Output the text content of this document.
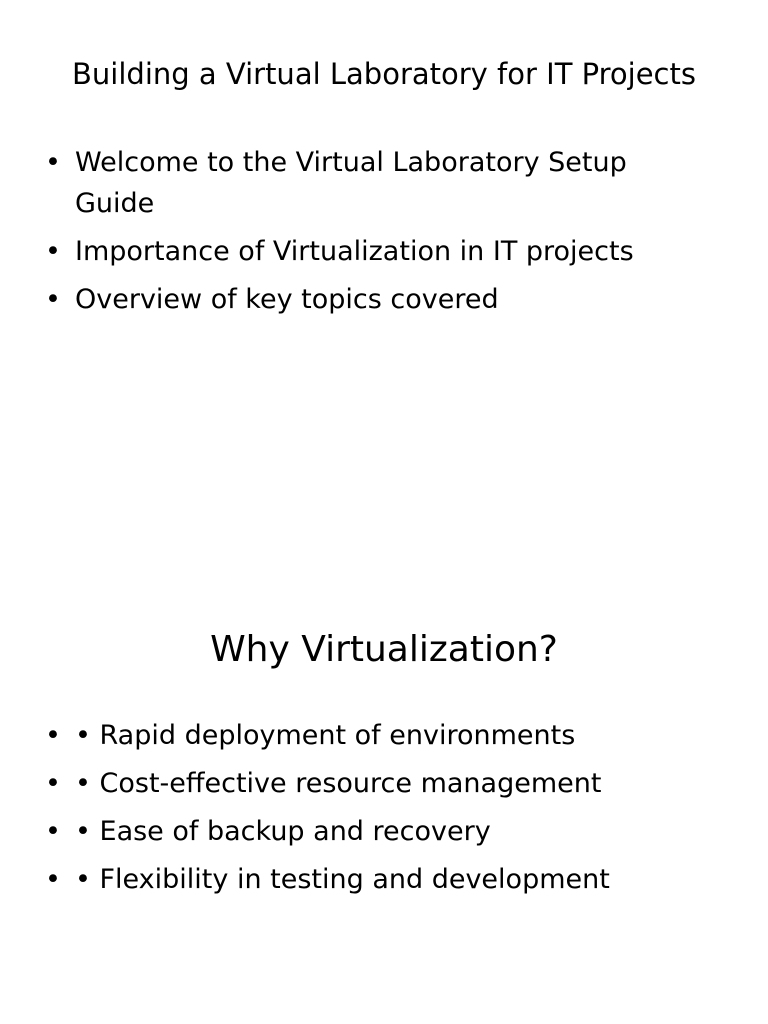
Building a Virtual Laboratory for IT Projects
• Welcome to the Virtual Laboratory Setup Guide
• Importance of Virtualization in IT projects
• Overview of key topics covered
Why Virtualization?
• • Rapid deployment of environments
• • Cost-effective resource management
• • Ease of backup and recovery
• • Flexibility in testing and development
